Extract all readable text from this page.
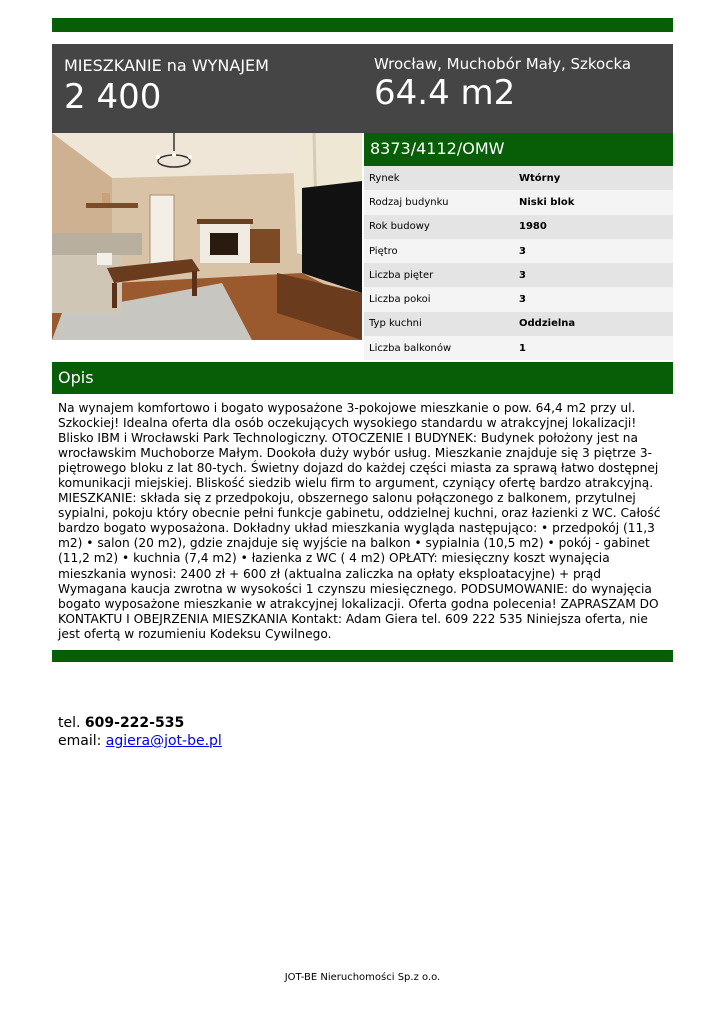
MIESZKANIE na WYNAJEM
2 400
Wrocław, Muchobór Mały, Szkocka
64.4 m2
8373/4112/OMW
Rynek	Wtórny
Rodzaj budynku	Niski blok
Rok budowy	1980
Piętro	3
Liczba pięter	3
Liczba pokoi	3
Typ kuchni	Oddzielna
Liczba balkonów	1
Opis
Na wynajem komfortowo i bogato wyposażone 3-pokojowe mieszkanie o pow. 64,4 m2 przy ul. Szkockiej! Idealna oferta dla osób oczekujących wysokiego standardu w atrakcyjnej lokalizacji! Blisko IBM i Wrocławski Park Technologiczny. OTOCZENIE I BUDYNEK: Budynek położony jest na wrocławskim Muchoborze Małym. Dookoła duży wybór usług. Mieszkanie znajduje się 3 piętrze 3-piętrowego bloku z lat 80-tych. Świetny dojazd do każdej części miasta za sprawą łatwo dostępnej komunikacji miejskiej. Bliskość siedzib wielu firm to argument, czyniący ofertę bardzo atrakcyjną. MIESZKANIE: składa się z przedpokoju, obszernego salonu połączonego z balkonem, przytulnej sypialni, pokoju który obecnie pełni funkcje gabinetu, oddzielnej kuchni, oraz łazienki z WC. Całość bardzo bogato wyposażona. Dokładny układ mieszkania wygląda następująco: • przedpokój (11,3 m2) • salon (20 m2), gdzie znajduje się wyjście na balkon • sypialnia (10,5 m2) • pokój - gabinet (11,2 m2) • kuchnia (7,4 m2) • łazienka z WC ( 4 m2) OPŁATY: miesięczny koszt wynajęcia mieszkania wynosi: 2400 zł + 600 zł (aktualna zaliczka na opłaty eksploatacyjne) + prąd Wymagana kaucja zwrotna w wysokości 1 czynszu miesięcznego. PODSUMOWANIE: do wynajęcia bogato wyposażone mieszkanie w atrakcyjnej lokalizacji. Oferta godna polecenia! ZAPRASZAM DO KONTAKTU I OBEJRZENIA MIESZKANIA Kontakt: Adam Giera tel. 609 222 535 Niniejsza oferta, nie jest ofertą w rozumieniu Kodeksu Cywilnego.
tel. 609-222-535
email: agiera@jot-be.pl
JOT-BE Nieruchomości Sp.z o.o.
